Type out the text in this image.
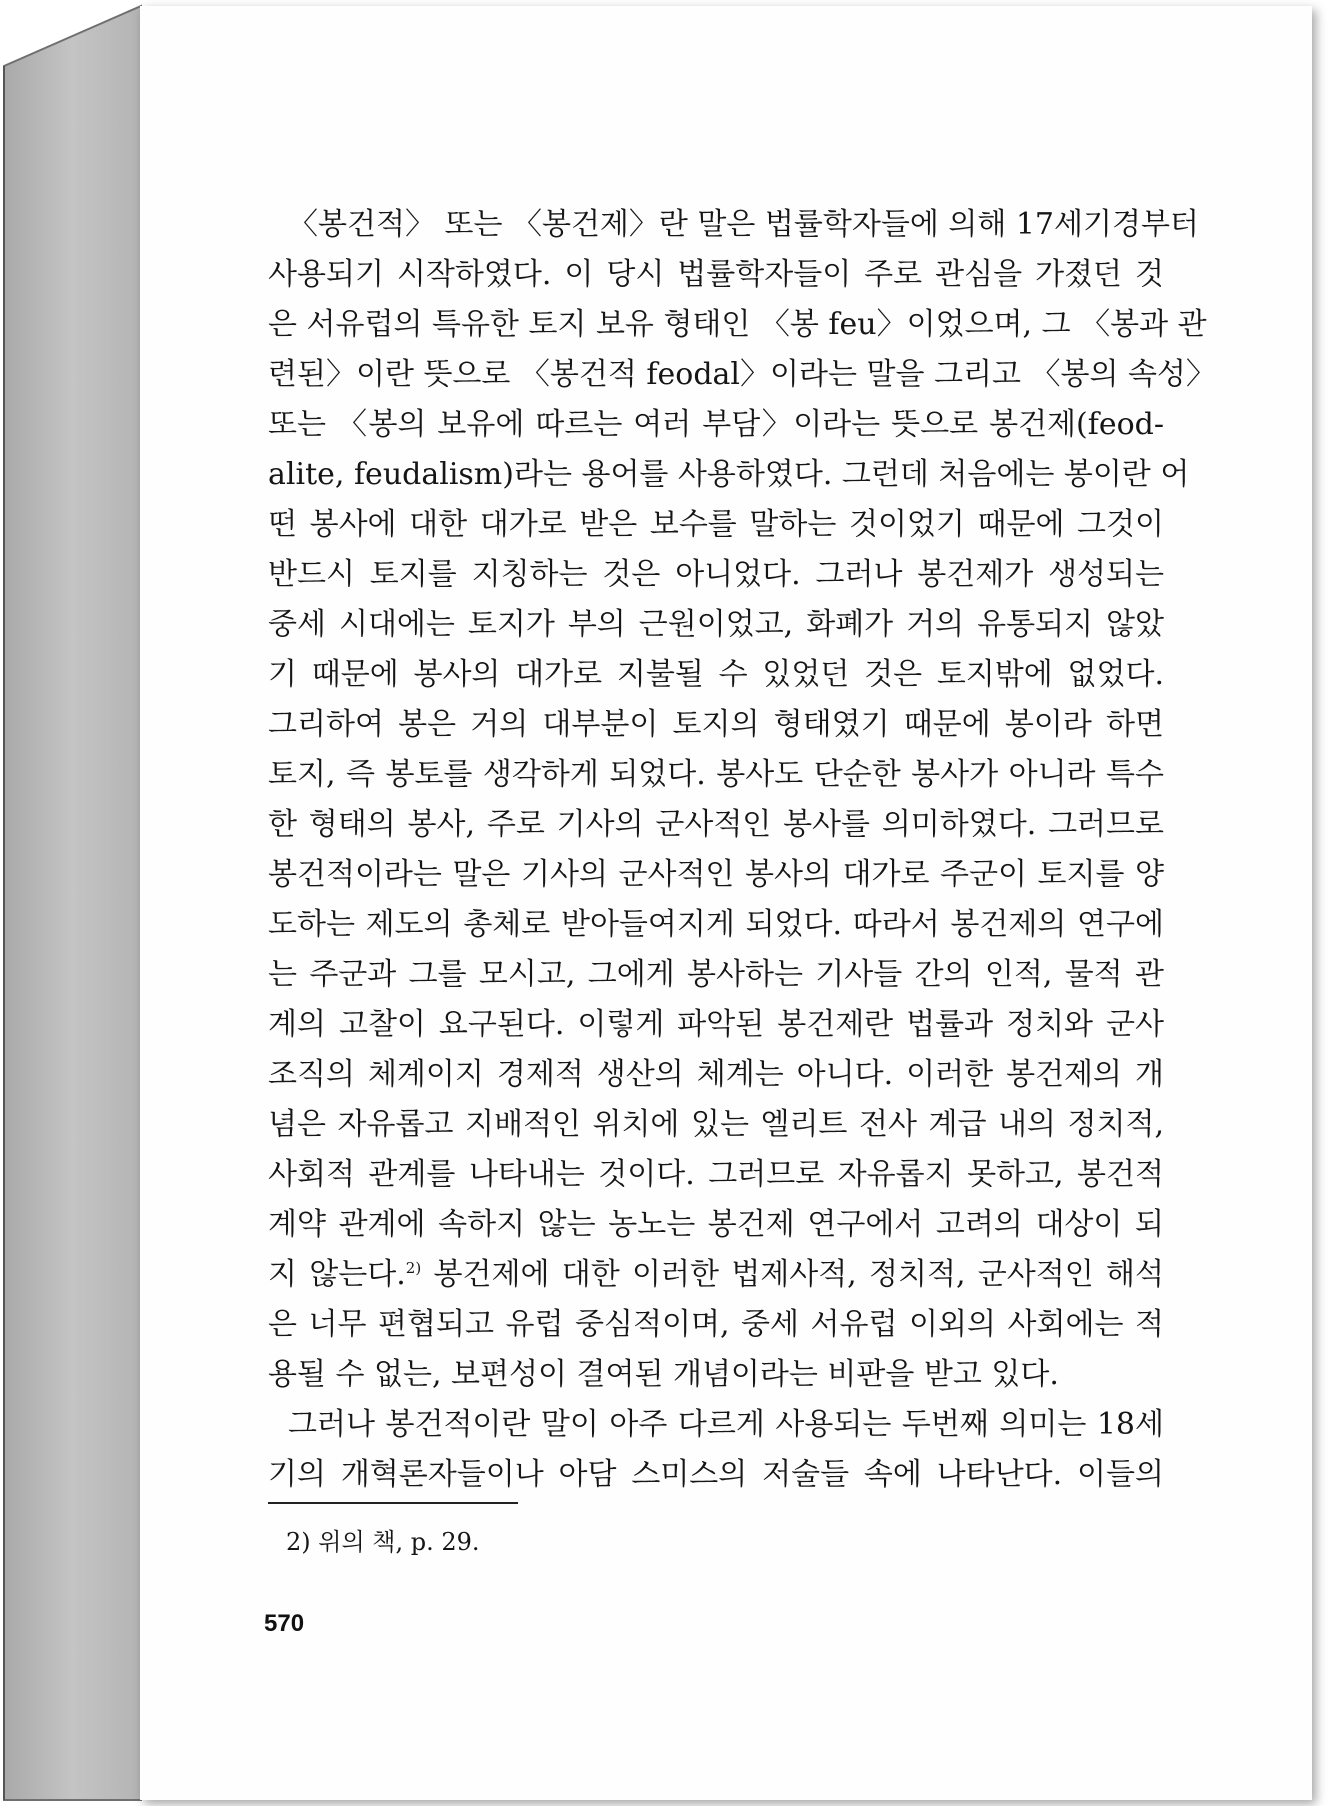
〈봉건적〉 또는 〈봉건제〉란 말은 법률학자들에 의해 17세기경부터
사용되기 시작하였다. 이 당시 법률학자들이 주로 관심을 가졌던 것
은 서유럽의 특유한 토지 보유 형태인 〈봉 feu〉이었으며, 그 〈봉과 관
련된〉이란 뜻으로 〈봉건적 feodal〉이라는 말을 그리고 〈봉의 속성〉
또는 〈봉의 보유에 따르는 여러 부담〉이라는 뜻으로 봉건제(feod-
alite, feudalism)라는 용어를 사용하였다. 그런데 처음에는 봉이란 어
떤 봉사에 대한 대가로 받은 보수를 말하는 것이었기 때문에 그것이
반드시 토지를 지칭하는 것은 아니었다. 그러나 봉건제가 생성되는
중세 시대에는 토지가 부의 근원이었고, 화폐가 거의 유통되지 않았
기 때문에 봉사의 대가로 지불될 수 있었던 것은 토지밖에 없었다.
그리하여 봉은 거의 대부분이 토지의 형태였기 때문에 봉이라 하면
토지, 즉 봉토를 생각하게 되었다. 봉사도 단순한 봉사가 아니라 특수
한 형태의 봉사, 주로 기사의 군사적인 봉사를 의미하였다. 그러므로
봉건적이라는 말은 기사의 군사적인 봉사의 대가로 주군이 토지를 양
도하는 제도의 총체로 받아들여지게 되었다. 따라서 봉건제의 연구에
는 주군과 그를 모시고, 그에게 봉사하는 기사들 간의 인적, 물적 관
계의 고찰이 요구된다. 이렇게 파악된 봉건제란 법률과 정치와 군사
조직의 체계이지 경제적 생산의 체계는 아니다. 이러한 봉건제의 개
념은 자유롭고 지배적인 위치에 있는 엘리트 전사 계급 내의 정치적,
사회적 관계를 나타내는 것이다. 그러므로 자유롭지 못하고, 봉건적
계약 관계에 속하지 않는 농노는 봉건제 연구에서 고려의 대상이 되
지 않는다.$^{2)}$ 봉건제에 대한 이러한 법제사적, 정치적, 군사적인 해석
은 너무 편협되고 유럽 중심적이며, 중세 서유럽 이외의 사회에는 적
용될 수 없는, 보편성이 결여된 개념이라는 비판을 받고 있다.
그러나 봉건적이란 말이 아주 다르게 사용되는 두번째 의미는 18세
기의 개혁론자들이나 아담 스미스의 저술들 속에 나타난다. 이들의
2) 위의 책, p. 29.
570
